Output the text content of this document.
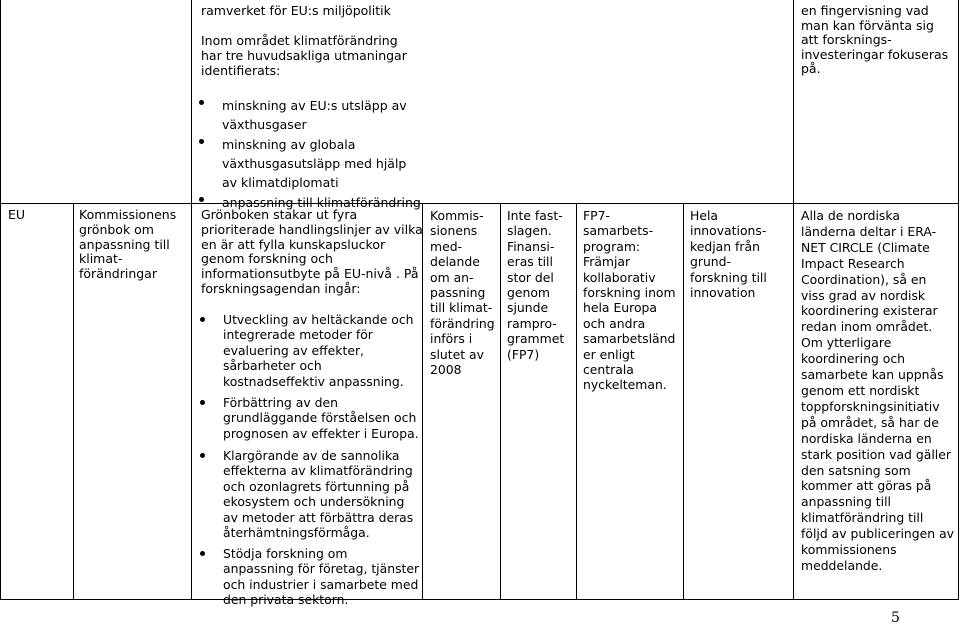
ramverket för EU:s miljöpolitik
Inom området klimatförändring
har tre huvudsakliga utmaningar
identifierats:
minskning av EU:s utsläpp av
växthusgaser
minskning av globala
växthusgasutsläpp med hjälp
av klimatdiplomati
anpassning till klimatförändring
en fingervisning vad
man kan förvänta sig
att forsknings-
investeringar fokuseras
på.
EU	Kommissionens
grönbok om
anpassning till
klimat-
förändringar
Grönboken stakar ut fyra
prioriterade handlingslinjer av vilka
en är att fylla kunskapsluckor
genom forskning och
informationsutbyte på EU-nivå . På
forskningsagendan ingår:
Utveckling av heltäckande och
integrerade metoder för
evaluering av effekter,
sårbarheter och
kostnadseffektiv anpassning.
Förbättring av den
grundläggande förståelsen och
prognosen av effekter i Europa.
Klargörande av de sannolika
effekterna av klimatförändring
och ozonlagrets förtunning på
ekosystem och undersökning
av metoder att förbättra deras
återhämtningsförmåga.
Stödja forskning om
anpassning för företag, tjänster
och industrier i samarbete med
den privata sektorn.
Kommis-
sionens
med-
delande
om an-
passning
till klimat-
förändring
införs i
slutet av
2008
Inte fast-
slagen.
Finansi-
eras till
stor del
genom
sjunde
rampro-
grammet
(FP7)
FP7-
samarbets-
program:
Främjar
kollaborativ
forskning inom
hela Europa
och andra
samarbetsländ
er enligt
centrala
nyckelteman.
Hela
innovations-
kedjan från
grund-
forskning till
innovation
Alla de nordiska
länderna deltar i ERA-
NET CIRCLE (Climate
Impact Research
Coordination), så en
viss grad av nordisk
koordinering existerar
redan inom området.
Om ytterligare
koordinering och
samarbete kan uppnås
genom ett nordiskt
toppforskningsinitiativ
på området, så har de
nordiska länderna en
stark position vad gäller
den satsning som
kommer att göras på
anpassning till
klimatförändring till
följd av publiceringen av
kommissionens
meddelande.
5
